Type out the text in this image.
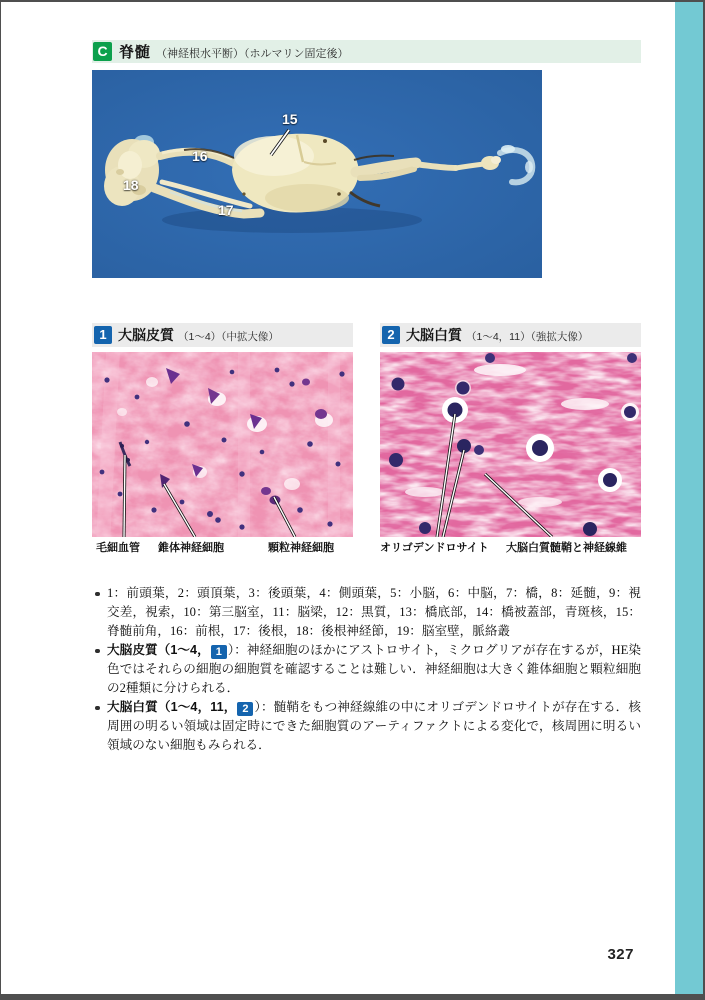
C 脊髄 （神経根水平断）（ホルマリン固定後）
15
16
17
18
1 大脳皮質 （1〜4）（中拡大像）
毛細血管 錐体神経細胞	顆粒神経細胞
2 大脳白質 （1〜4，11）（強拡大像）
オリゴデンドロサイト 大脳白質髄鞘と神経線維
1：前頭葉，2：頭頂葉，3：後頭葉，4：側頭葉，5：小脳，6：中脳，7：橋，8：延髄，9：視交差，視索，10：第三脳室，11：脳梁，12：黒質，13：橋底部，14：橋被蓋部，青斑核，15：脊髄前角，16：前根，17：後根，18：後根神経節，19：脳室壁，脈絡叢
大脳皮質（1〜4， 1 ）：神経細胞のほかにアストロサイト，ミクログリアが存在するが，HE染色ではそれらの細胞の細胞質を確認することは難しい．神経細胞は大きく錐体細胞と顆粒細胞の2種類に分けられる．
大脳白質（1〜4，11， 2 ）：髄鞘をもつ神経線維の中にオリゴデンドロサイトが存在する．核周囲の明るい領域は固定時にできた細胞質のアーティファクトによる変化で，核周囲に明るい領域のない細胞もみられる．
327
